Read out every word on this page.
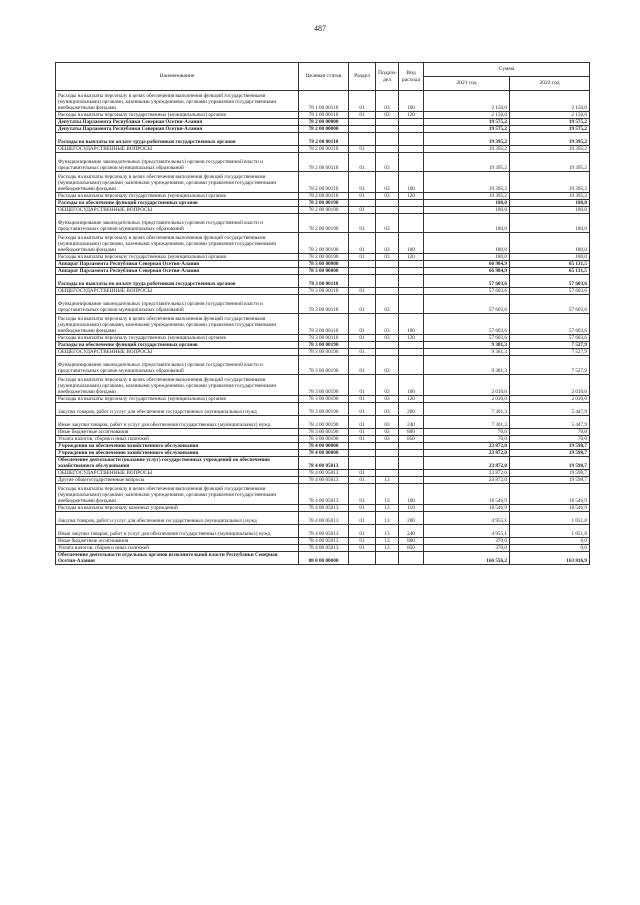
487
Наименование	Целевая статья	Раздел	Подраз-дел	Вид расхода	Сумма	
					2021 год	2022 год
Расходы на выплаты персоналу в целях обеспечения выполнения функций государственными (муниципальными) органами, казенными учреждениями, органами управления государственными внебюджетными фондами	78 1 00 00110	01	03	100	2 150,0	2 150,0
Расходы на выплаты персоналу государственных (муниципальных) органов	78 1 00 00110	01	03	120	2 150,0	2 150,0
Депутаты Парламента Республики Северная Осетия-Алания	78 2 00 00000				19 575,2	19 575,2
Депутаты Парламента Республики Северная Осетия-Алания	78 2 00 00000				19 575,2	19 575,2
Расходы на выплаты по оплате труда работников государственных органов	78 2 00 00110				19 395,2	19 395,2
ОБЩЕГОСУДАРСТВЕННЫЕ ВОПРОСЫ	78 2 00 00110	01			19 395,2	19 395,2
Функционирование законодательных (представительных) органов государственной власти и представительных органов муниципальных образований	78 2 00 00110	01	03		19 395,2	19 395,2
Расходы на выплаты персоналу в целях обеспечения выполнения функций государственными (муниципальными) органами, казенными учреждениями, органами управления государственными внебюджетными фондами	78 2 00 00110	01	03	100	19 395,2	19 395,2
Расходы на выплаты персоналу государственных (муниципальных) органов	78 2 00 00110	01	03	120	19 395,2	19 395,2
Расходы на обеспечение функций государственных органов	78 2 00 00190				180,0	180,0
ОБЩЕГОСУДАРСТВЕННЫЕ ВОПРОСЫ	78 2 00 00190	01			180,0	180,0
Функционирование законодательных (представительных) органов государственной власти и представительных органов муниципальных образований	78 2 00 00190	01	03		180,0	180,0
Расходы на выплаты персоналу в целях обеспечения выполнения функций государственными (муниципальными) органами, казенными учреждениями, органами управления государственными внебюджетными фондами	78 2 00 00190	01	03	100	180,0	180,0
Расходы на выплаты персоналу государственных (муниципальных) органов	78 2 00 00190	01	03	120	180,0	180,0
Аппарат Парламента Республики Северная Осетия-Алания	78 3 00 00000				66 984,9	65 131,5
Аппарат Парламента Республики Северная Осетия-Алания	78 3 00 00000				66 984,9	65 131,5
Расходы на выплаты по оплате труда работников государственных органов	78 3 00 00110				57 603,6	57 603,6
ОБЩЕГОСУДАРСТВЕННЫЕ ВОПРОСЫ	78 3 00 00110	01			57 603,6	57 603,6
Функционирование законодательных (представительных) органов государственной власти и представительных органов муниципальных образований	78 3 00 00110	01	03		57 603,6	57 603,6
Расходы на выплаты персоналу в целях обеспечения выполнения функций государственными (муниципальными) органами, казенными учреждениями, органами управления государственными внебюджетными фондами	78 3 00 00110	01	03	100	57 603,6	57 603,6
Расходы на выплаты персоналу государственных (муниципальных) органов	78 3 00 00110	01	03	120	57 603,6	57 603,6
Расходы на обеспечение функций государственных органов	78 3 00 00190				9 381,3	7 527,9
ОБЩЕГОСУДАРСТВЕННЫЕ ВОПРОСЫ	78 3 00 00190	01			9 381,3	7 527,9
Функционирование законодательных (представительных) органов государственной власти и представительных органов муниципальных образований	78 3 00 00190	01	03		9 381,3	7 527,9
Расходы на выплаты персоналу в целях обеспечения выполнения функций государственными (муниципальными) органами, казенными учреждениями, органами управления государственными внебюджетными фондами	78 3 00 00190	01	03	100	2 010,0	2 010,0
Расходы на выплаты персоналу государственных (муниципальных) органов	78 3 00 00190	01	03	120	2 010,0	2 010,0
Закупка товаров, работ и услуг для обеспечения государственных (муниципальных) нужд	78 3 00 00190	01	03	200	7 301,3	5 447,9
Иные закупки товаров, работ и услуг для обеспечения государственных (муниципальных) нужд	78 3 00 00190	01	03	240	7 301,3	5 447,9
Иные бюджетные ассигнования	78 3 00 00190	01	03	800	70,0	70,0
Уплата налогов, сборов и иных платежей	78 3 00 00190	01	03	850	70,0	70,0
Учреждения по обеспечению хозяйственного обслуживания	78 4 00 00000				23 872,0	19 598,7
Учреждения по обеспечению хозяйственного обслуживания	78 4 00 00000				23 872,0	19 598,7
Обеспечение деятельности (оказание услуг) государственных учреждений по обеспечению хозяйственного обслуживания	78 4 00 05013				23 872,0	19 598,7
ОБЩЕГОСУДАРСТВЕННЫЕ ВОПРОСЫ	78 4 00 05013	01			23 872,0	19 598,7
Другие общегосударственные вопросы	78 4 00 05013	01	13		23 872,0	19 598,7
Расходы на выплаты персоналу в целях обеспечения выполнения функций государственными (муниципальными) органами, казенными учреждениями, органами управления государственными внебюджетными фондами	78 4 00 05013	01	13	100	18 546,9	18 546,9
Расходы на выплаты персоналу казенных учреждений	78 4 00 05013	01	13	110	18 546,9	18 546,9
Закупка товаров, работ и услуг для обеспечения государственных (муниципальных) нужд	78 4 00 05013	01	13	200	4 955,1	1 051,8
Иные закупки товаров, работ и услуг для обеспечения государственных (муниципальных) нужд	78 4 00 05013	01	13	240	4 955,1	1 051,8
Иные бюджетные ассигнования	78 4 00 05013	01	13	800	370,0	0,0
Уплата налогов, сборов и иных платежей	78 4 00 05013	01	13	850	370,0	0,0
Обеспечение деятельности отдельных органов исполнительной власти Республики Северная Осетия-Алания	88 0 00 00000				166 556,2	163 816,9
